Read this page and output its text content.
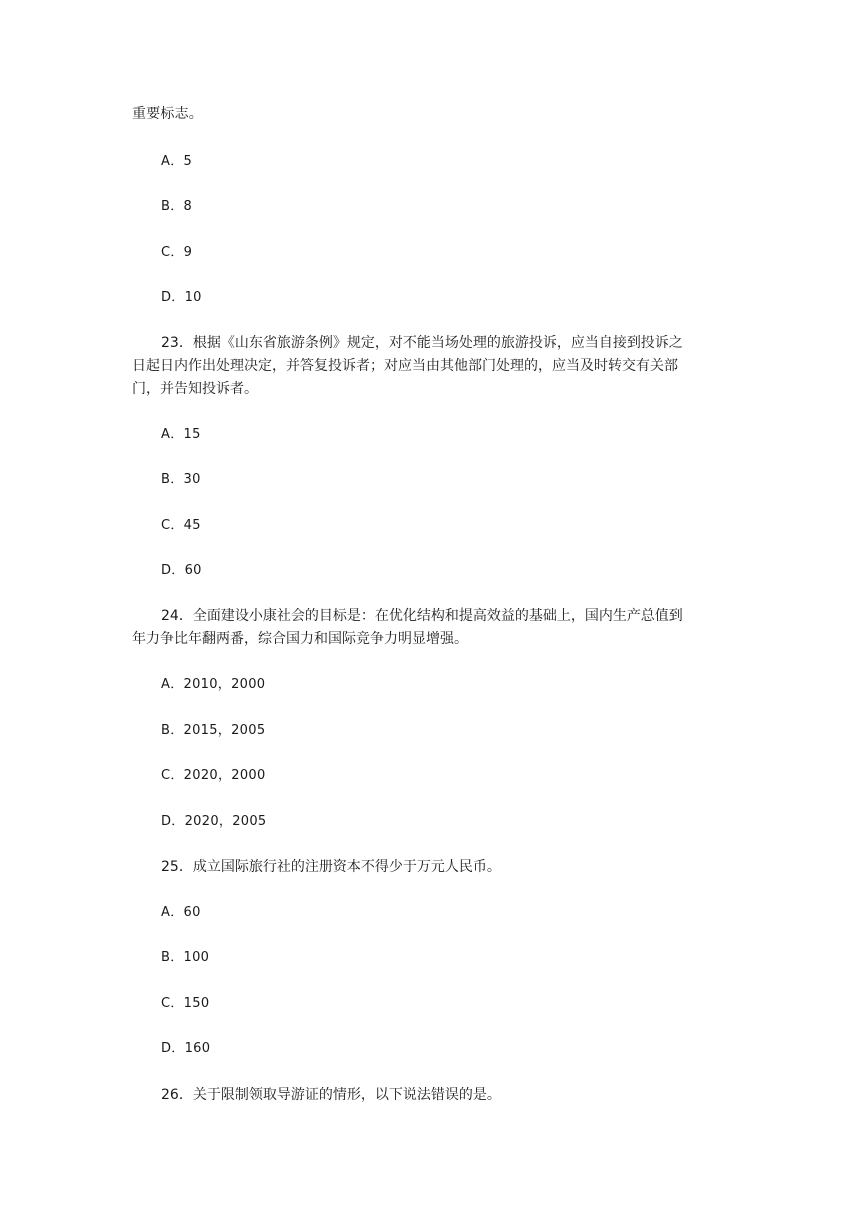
重要标志。
A．5
B．8
C．9
D．10
23．根据《山东省旅游条例》规定，对不能当场处理的旅游投诉，应当自接到投诉之
日起日内作出处理决定，并答复投诉者；对应当由其他部门处理的，应当及时转交有关部
门，并告知投诉者。
A．15
B．30
C．45
D．60
24．全面建设小康社会的目标是：在优化结构和提高效益的基础上，国内生产总值到
年力争比年翻两番，综合国力和国际竞争力明显增强。
A．2010，2000
B．2015，2005
C．2020，2000
D．2020，2005
25．成立国际旅行社的注册资本不得少于万元人民币。
A．60
B．100
C．150
D．160
26．关于限制领取导游证的情形，以下说法错误的是。
